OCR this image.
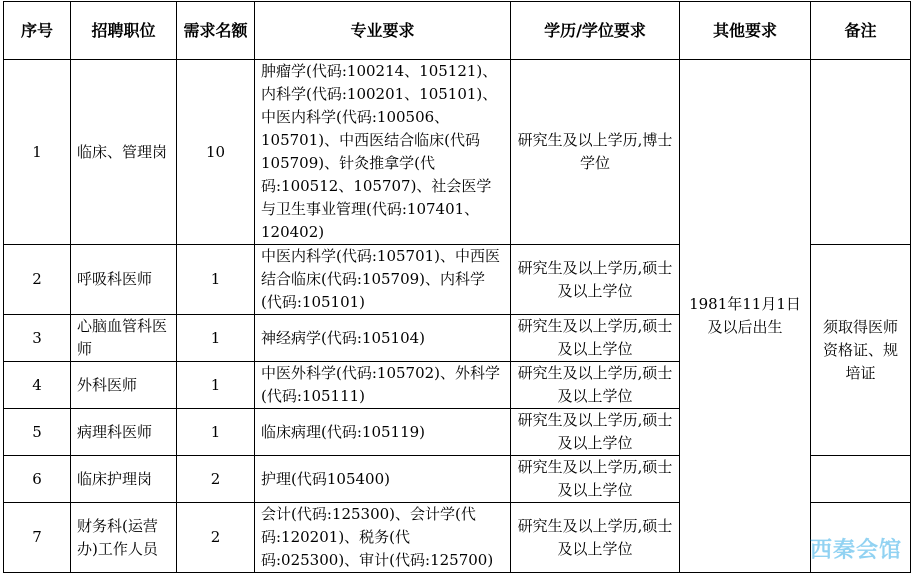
序号	招聘职位	需求名额	专业要求	学历/学位要求	其他要求	备注
1	临床、管理岗	10	肿瘤学(代码:100214、105121)、内科学(代码:100201、105101)、中医内科学(代码:100506、105701)、中西医结合临床(代码105709)、针灸推拿学(代码:100512、105707)、社会医学与卫生事业管理(代码:107401、120402)	研究生及以上学历,博士学位	1981年11月1日及以后出生	
2	呼吸科医师	1	中医内科学(代码:105701)、中西医结合临床(代码:105709)、内科学(代码:105101)	研究生及以上学历,硕士及以上学位		须取得医师资格证、规培证
3	心脑血管科医师	1	神经病学(代码:105104)	研究生及以上学历,硕士及以上学位		
4	外科医师	1	中医外科学(代码:105702)、外科学(代码:105111)	研究生及以上学历,硕士及以上学位		
5	病理科医师	1	临床病理(代码:105119)	研究生及以上学历,硕士及以上学位		
6	临床护理岗	2	护理(代码105400)	研究生及以上学历,硕士及以上学位		
7	财务科(运营办)工作人员	2	会计(代码:125300)、会计学(代码:120201)、税务(代码:025300)、审计(代码:125700)	研究生及以上学历,硕士及以上学位			西秦会馆
